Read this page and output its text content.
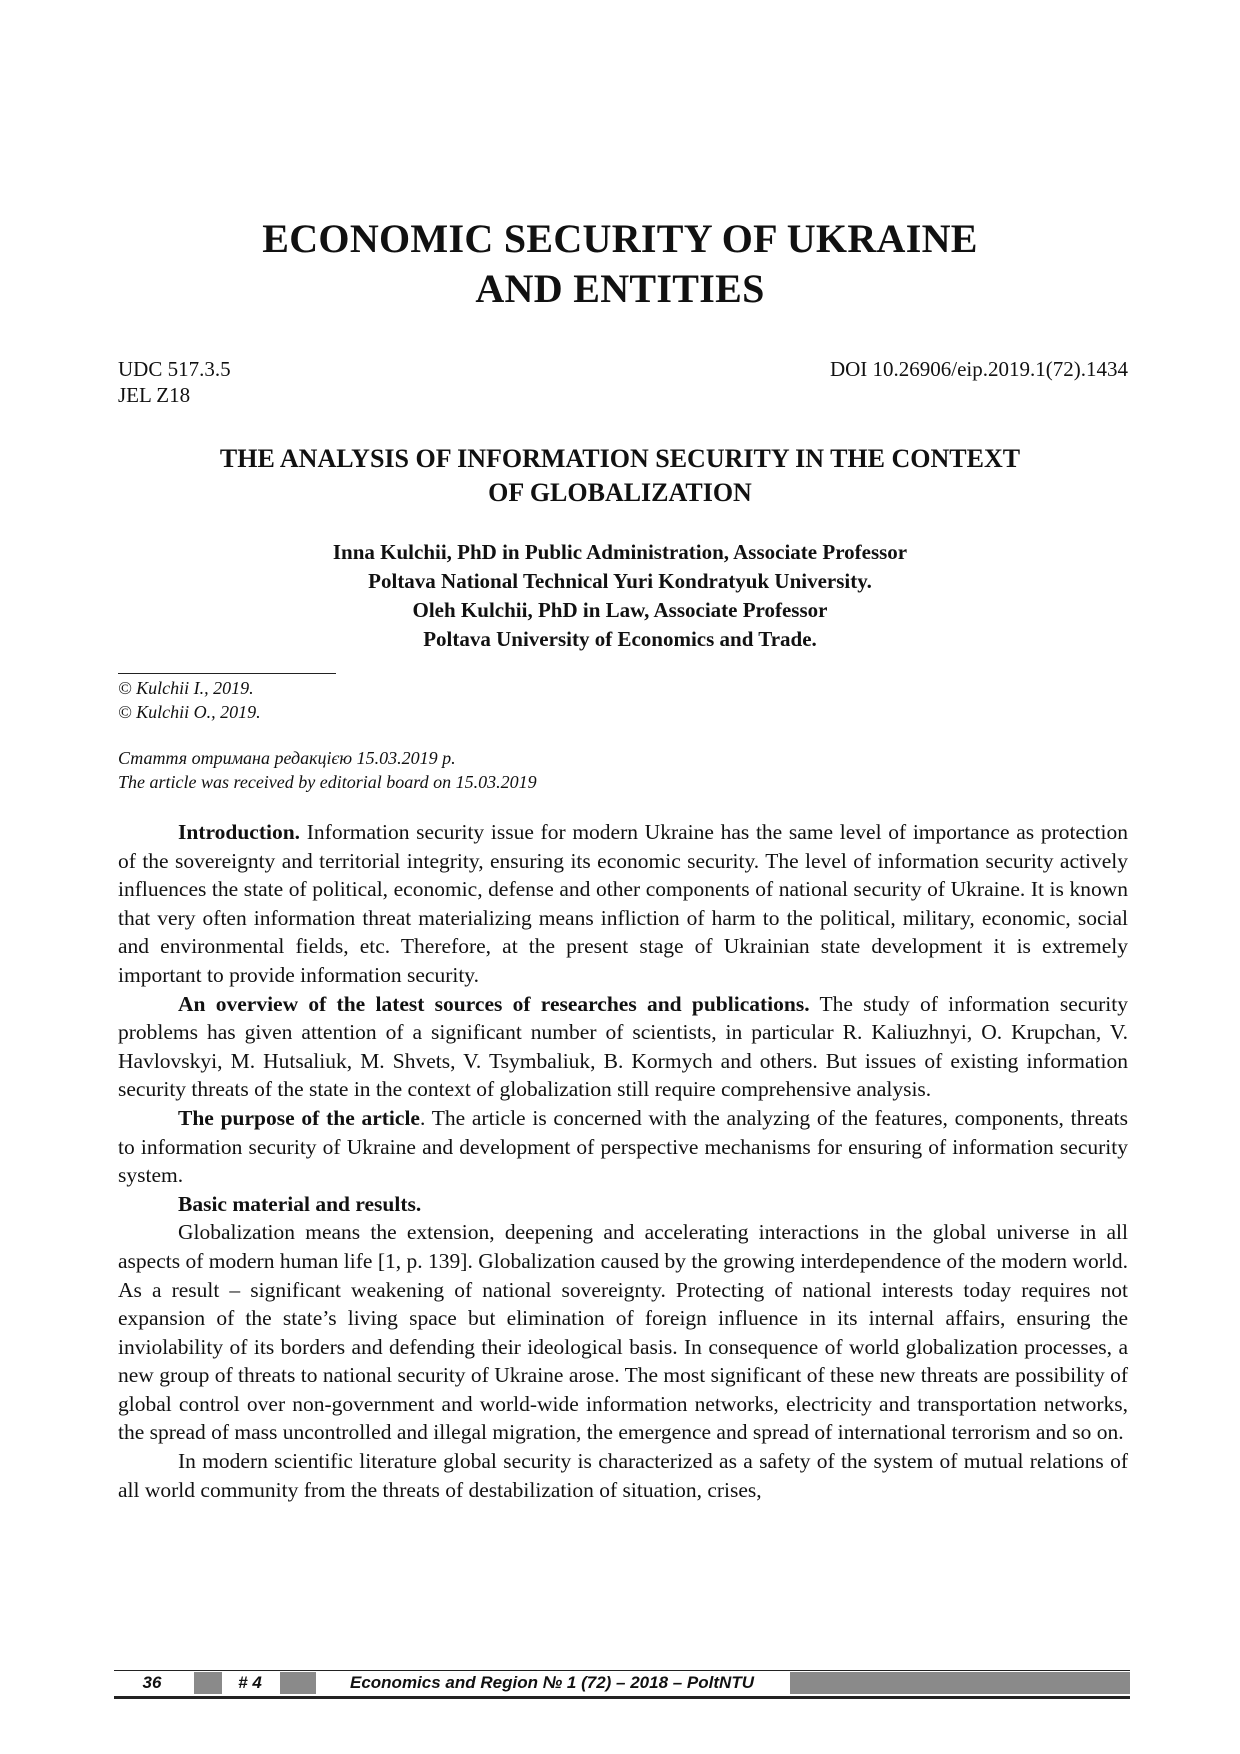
ECONOMIC SECURITY OF UKRAINE
AND ENTITIES
UDC 517.3.5
JEL Z18
DOI 10.26906/eip.2019.1(72).1434
THE ANALYSIS OF INFORMATION SECURITY IN THE CONTEXT
OF GLOBALIZATION
Inna Kulchii, PhD in Public Administration, Associate Professor
Poltava National Technical Yuri Kondratyuk University.
Oleh Kulchii, PhD in Law, Associate Professor
Poltava University of Economics and Trade.
© Kulchii I., 2019.
© Kulchii O., 2019.
Стаття отримана редакцією 15.03.2019 р.
The article was received by editorial board on 15.03.2019

Introduction. Information security issue for modern Ukraine has the same level of importance as protection of the sovereignty and territorial integrity, ensuring its economic security. The level of information security actively influences the state of political, economic, defense and other components of national security of Ukraine. It is known that very often information threat materializing means infliction of harm to the political, military, economic, social and environmental fields, etc. Therefore, at the present stage of Ukrainian state development it is extremely important to provide information security.

An overview of the latest sources of researches and publications. The study of information security problems has given attention of a significant number of scientists, in particular R. Kaliuzhnyi, O. Krupchan, V. Havlovskyi, M. Hutsaliuk, M. Shvets, V. Tsymbaliuk, B. Kormych and others. But issues of existing information security threats of the state in the context of globalization still require comprehensive analysis.

The purpose of the article. The article is concerned with the analyzing of the features, components, threats to information security of Ukraine and development of perspective mechanisms for ensuring of information security system.

Basic material and results.

Globalization means the extension, deepening and accelerating interactions in the global universe in all aspects of modern human life [1, p. 139]. Globalization caused by the growing interdependence of the modern world. As a result – significant weakening of national sovereignty. Protecting of national interests today requires not expansion of the state’s living space but elimination of foreign influence in its internal affairs, ensuring the inviolability of its borders and defending their ideological basis. In consequence of world globalization processes, a new group of threats to national security of Ukraine arose. The most significant of these new threats are possibility of global control over non-government and world-wide information networks, electricity and transportation networks, the spread of mass uncontrolled and illegal migration, the emergence and spread of international terrorism and so on.

In modern scientific literature global security is characterized as a safety of the system of mutual relations of all world community from the threats of destabilization of situation, crises,

36	# 4	Economics and Region № 1 (72) – 2018 – PoltNTU
